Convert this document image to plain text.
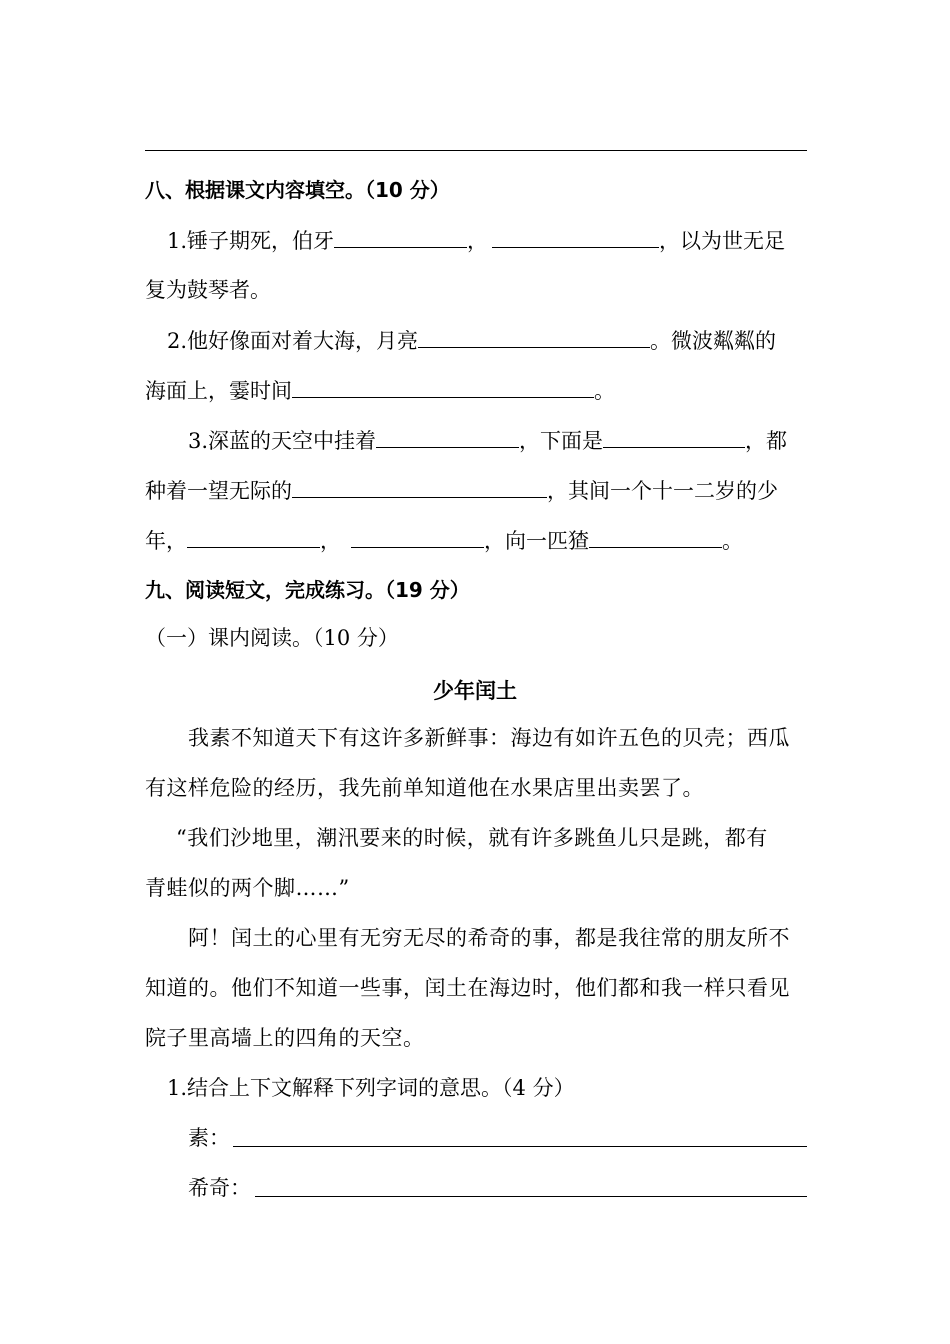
八、根据课文内容填空。（10 分）
1.锤子期死，伯牙	，	，以为世无足
复为鼓琴者。
2.他好像面对着大海，月亮	。微波粼粼的
海面上，霎时间	。
3.深蓝的天空中挂着	，下面是	，都
种着一望无际的	，其间一个十一二岁的少
年，	，	，向一匹猹	。
九、阅读短文，完成练习。（19 分）
（一）课内阅读。（10 分）
少年闰土
我素不知道天下有这许多新鲜事：海边有如许五色的贝壳；西瓜
有这样危险的经历，我先前单知道他在水果店里出卖罢了。
“我们沙地里，潮汛要来的时候，就有许多跳鱼儿只是跳，都有
青蛙似的两个脚……”
阿！闰土的心里有无穷无尽的希奇的事，都是我往常的朋友所不
知道的。他们不知道一些事，闰土在海边时，他们都和我一样只看见
院子里高墙上的四角的天空。
1.结合上下文解释下列字词的意思。（4 分）
素：
希奇：
